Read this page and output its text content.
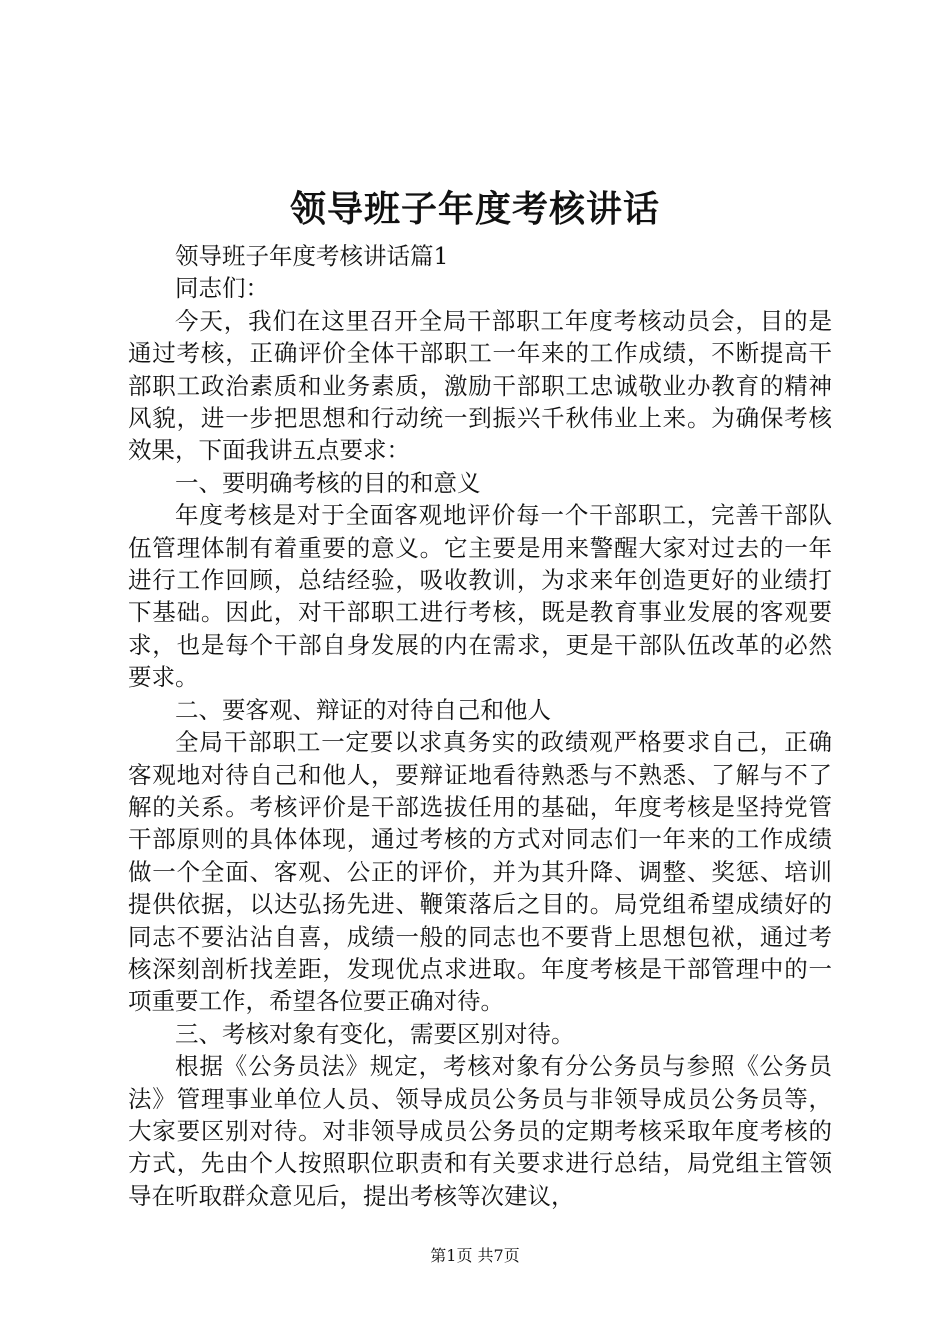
领导班子年度考核讲话

领导班子年度考核讲话篇1

同志们：

今天，我们在这里召开全局干部职工年度考核动员会，目的是通过考核，正确评价全体干部职工一年来的工作成绩，不断提高干部职工政治素质和业务素质，激励干部职工忠诚敬业办教育的精神风貌，进一步把思想和行动统一到振兴千秋伟业上来。为确保考核效果，下面我讲五点要求：

一、要明确考核的目的和意义

年度考核是对于全面客观地评价每一个干部职工，完善干部队伍管理体制有着重要的意义。它主要是用来警醒大家对过去的一年进行工作回顾，总结经验，吸收教训，为求来年创造更好的业绩打下基础。因此，对干部职工进行考核，既是教育事业发展的客观要求，也是每个干部自身发展的内在需求，更是干部队伍改革的必然要求。

二、要客观、辩证的对待自己和他人

全局干部职工一定要以求真务实的政绩观严格要求自己，正确客观地对待自己和他人，要辩证地看待熟悉与不熟悉、了解与不了解的关系。考核评价是干部选拔任用的基础，年度考核是坚持党管干部原则的具体体现，通过考核的方式对同志们一年来的工作成绩做一个全面、客观、公正的评价，并为其升降、调整、奖惩、培训提供依据，以达弘扬先进、鞭策落后之目的。局党组希望成绩好的同志不要沾沾自喜，成绩一般的同志也不要背上思想包袱，通过考核深刻剖析找差距，发现优点求进取。年度考核是干部管理中的一项重要工作，希望各位要正确对待。

三、考核对象有变化，需要区别对待。

根据《公务员法》规定，考核对象有分公务员与参照《公务员法》管理事业单位人员、领导成员公务员与非领导成员公务员等，大家要区别对待。对非领导成员公务员的定期考核采取年度考核的方式，先由个人按照职位职责和有关要求进行总结，局党组主管领导在听取群众意见后，提出考核等次建议，

第1页 共7页
